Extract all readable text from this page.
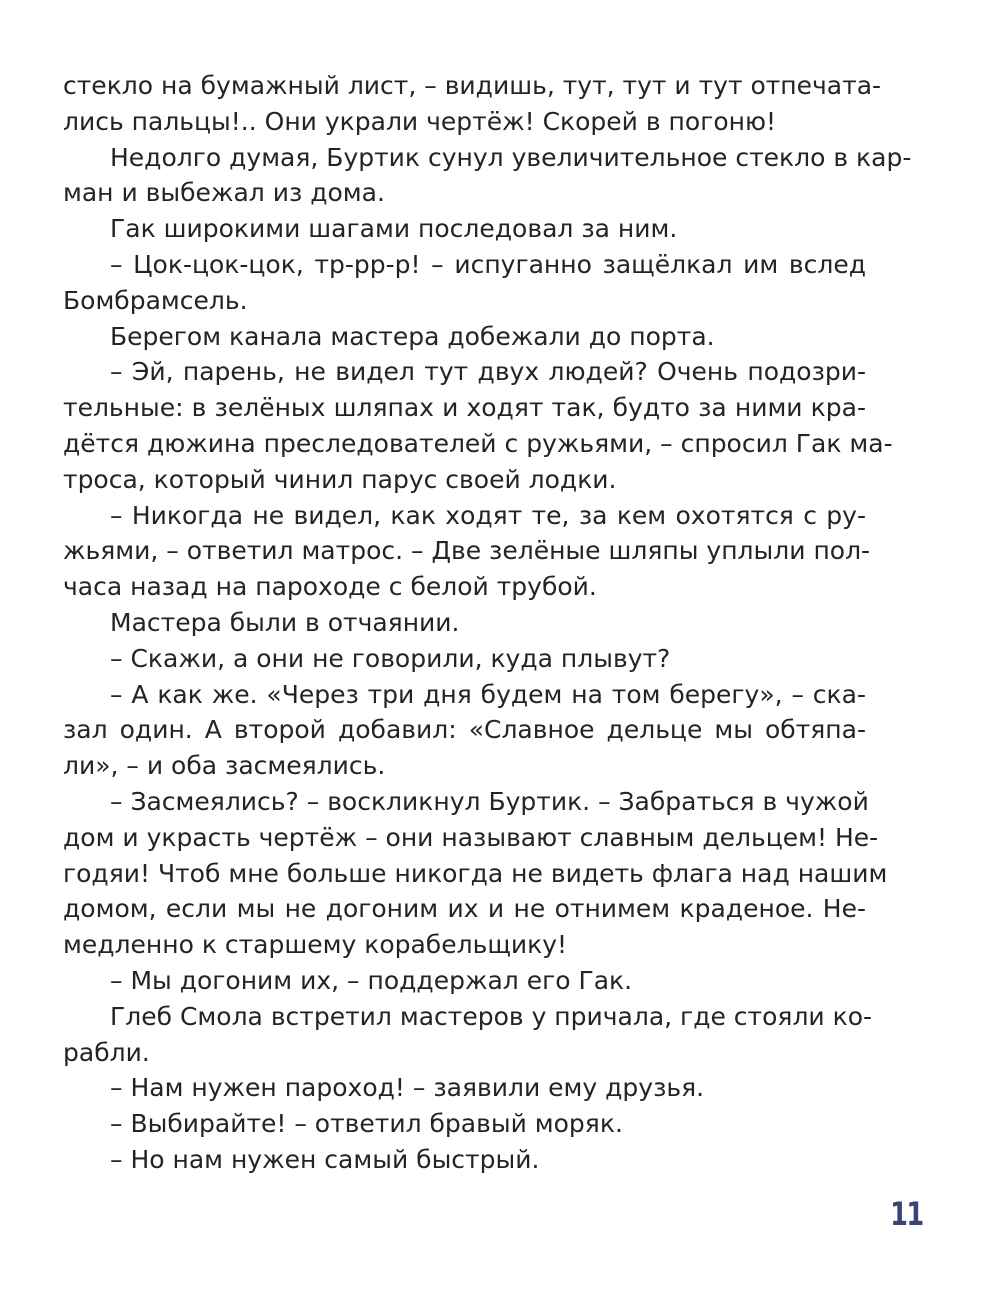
стекло на бумажный лист, – видишь, тут, тут и тут отпечата-
лись пальцы!.. Они украли чертёж! Скорей в погоню!
Недолго думая, Буртик сунул увеличительное стекло в кар-
ман и выбежал из дома.
Гак широкими шагами последовал за ним.
– Цок-цок-цок, тр-рр-р! – испуганно защёлкал им вслед
Бомбрамсель.
Берегом канала мастера добежали до порта.
– Эй, парень, не видел тут двух людей? Очень подозри-
тельные: в зелёных шляпах и ходят так, будто за ними кра-
дётся дюжина преследователей с ружьями, – спросил Гак ма-
троса, который чинил парус своей лодки.
– Никогда не видел, как ходят те, за кем охотятся с ру-
жьями, – ответил матрос. – Две зелёные шляпы уплыли пол-
часа назад на пароходе с белой трубой.
Мастера были в отчаянии.
– Скажи, а они не говорили, куда плывут?
– А как же. «Через три дня будем на том берегу», – ска-
зал один. А второй добавил: «Славное дельце мы обтяпа-
ли», – и оба засмеялись.
– Засмеялись? – воскликнул Буртик. – Забраться в чужой
дом и украсть чертёж – они называют славным дельцем! Не-
годяи! Чтоб мне больше никогда не видеть флага над нашим
домом, если мы не догоним их и не отнимем краденое. Не-
медленно к старшему корабельщику!
– Мы догоним их, – поддержал его Гак.
Глеб Смола встретил мастеров у причала, где стояли ко-
рабли.
– Нам нужен пароход! – заявили ему друзья.
– Выбирайте! – ответил бравый моряк.
– Но нам нужен самый быстрый.
11
